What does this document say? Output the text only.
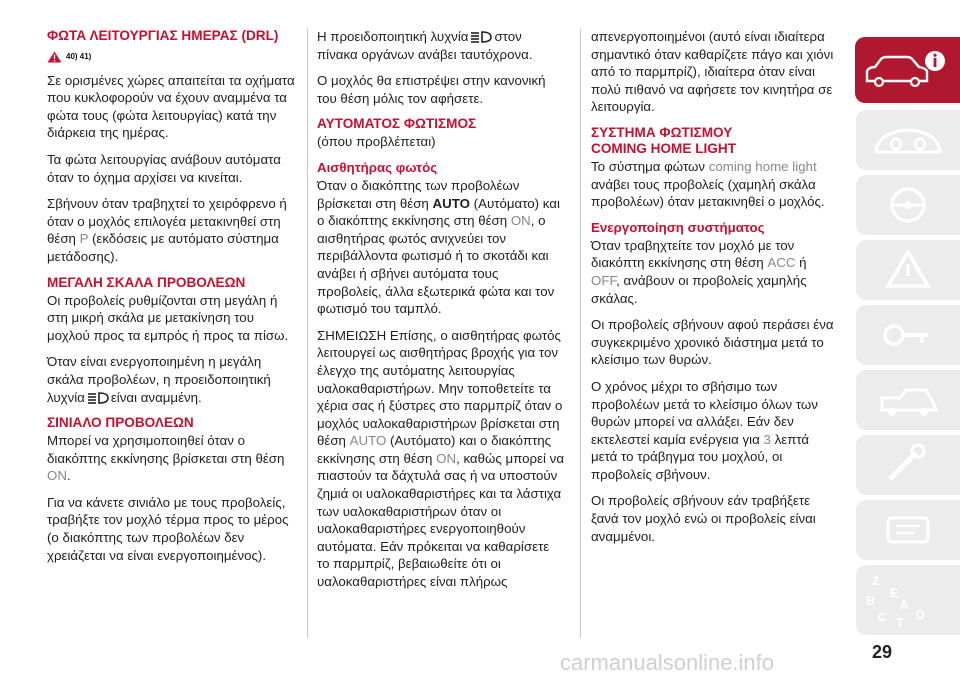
ΦΩΤΑ ΛΕΙΤΟΥΡΓΙΑΣ ΗΜΕΡΑΣ (DRL)
40) 41)

Σε ορισμένες χώρες απαιτείται τα οχήματα που κυκλοφορούν να έχουν αναμμένα τα φώτα τους (φώτα λειτουργίας) κατά την διάρκεια της ημέρας.

Τα φώτα λειτουργίας ανάβουν αυτόματα όταν το όχημα αρχίσει να κινείται.

Σβήνουν όταν τραβηχτεί το χειρόφρενο ή όταν ο μοχλός επιλογέα μετακινηθεί στη θέση P (εκδόσεις με αυτόματο σύστημα μετάδοσης).

ΜΕΓΑΛΗ ΣΚΑΛΑ ΠΡΟΒΟΛΕΩΝ

Οι προβολείς ρυθμίζονται στη μεγάλη ή στη μικρή σκάλα με μετακίνηση του μοχλού προς τα εμπρός ή προς τα πίσω.

Όταν είναι ενεργοποιημένη η μεγάλη σκάλα προβολέων, η προειδοποιητική λυχνία είναι αναμμένη.

ΣΙΝΙΑΛΟ ΠΡΟΒΟΛΕΩΝ

Μπορεί να χρησιμοποιηθεί όταν ο διακόπτης εκκίνησης βρίσκεται στη θέση ON.

Για να κάνετε σινιάλο με τους προβολείς, τραβήξτε τον μοχλό τέρμα προς το μέρος (ο διακόπτης των προβολέων δεν χρειάζεται να είναι ενεργοποιημένος).

Η προειδοποιητική λυχνία στον πίνακα οργάνων ανάβει ταυτόχρονα.

Ο μοχλός θα επιστρέψει στην κανονική του θέση μόλις τον αφήσετε.

ΑΥΤΟΜΑΤΟΣ ΦΩΤΙΣΜΟΣ
(όπου προβλέπεται)
Αισθητήρας φωτός

Όταν ο διακόπτης των προβολέων βρίσκεται στη θέση AUTO (Αυτόματο) και ο διακόπτης εκκίνησης στη θέση ON, ο αισθητήρας φωτός ανιχνεύει τον περιβάλλοντα φωτισμό ή το σκοτάδι και ανάβει ή σβήνει αυτόματα τους προβολείς, άλλα εξωτερικά φώτα και τον φωτισμό του ταμπλό.

ΣΗΜΕΙΩΣΗ Επίσης, ο αισθητήρας φωτός λειτουργεί ως αισθητήρας βροχής για τον έλεγχο της αυτόματης λειτουργίας υαλοκαθαριστήρων. Μην τοποθετείτε τα χέρια σας ή ξύστρες στο παρμπρίζ όταν ο μοχλός υαλοκαθαριστήρων βρίσκεται στη θέση AUTO (Αυτόματο) και ο διακόπτης εκκίνησης στη θέση ON, καθώς μπορεί να πιαστούν τα δάχτυλά σας ή να υποστούν ζημιά οι υαλοκαθαριστήρες και τα λάστιχα των υαλοκαθαριστήρων όταν οι υαλοκαθαριστήρες ενεργοποιηθούν αυτόματα. Εάν πρόκειται να καθαρίσετε το παρμπρίζ, βεβαιωθείτε ότι οι υαλοκαθαριστήρες είναι πλήρως

απενεργοποιημένοι (αυτό είναι ιδιαίτερα σημαντικό όταν καθαρίζετε πάγο και χιόνι από το παρμπρίζ), ιδιαίτερα όταν είναι πολύ πιθανό να αφήσετε τον κινητήρα σε λειτουργία.

ΣΥΣΤΗΜΑ ΦΩΤΙΣΜΟΥ COMING HOME LIGHT

Το σύστημα φώτων coming home light ανάβει τους προβολείς (χαμηλή σκάλα προβολέων) όταν μετακινηθεί ο μοχλός.

Ενεργοποίηση συστήματος

Όταν τραβηχτείτε τον μοχλό με τον διακόπτη εκκίνησης στη θέση ACC ή OFF, ανάβουν οι προβολείς χαμηλής σκάλας.

Οι προβολείς σβήνουν αφού περάσει ένα συγκεκριμένο χρονικό διάστημα μετά το κλείσιμο των θυρών.

Ο χρόνος μέχρι το σβήσιμο των προβολέων μετά το κλείσιμο όλων των θυρών μπορεί να αλλάξει. Εάν δεν εκτελεστεί καμία ενέργεια για 3 λεπτά μετά το τράβηγμα του μοχλού, οι προβολείς σβήνουν.

Οι προβολείς σβήνουν εάν τραβήξετε ξανά τον μοχλό ενώ οι προβολείς είναι αναμμένοι.

Z
E
B
C
A
T
D
carmanualsonline.info	29
